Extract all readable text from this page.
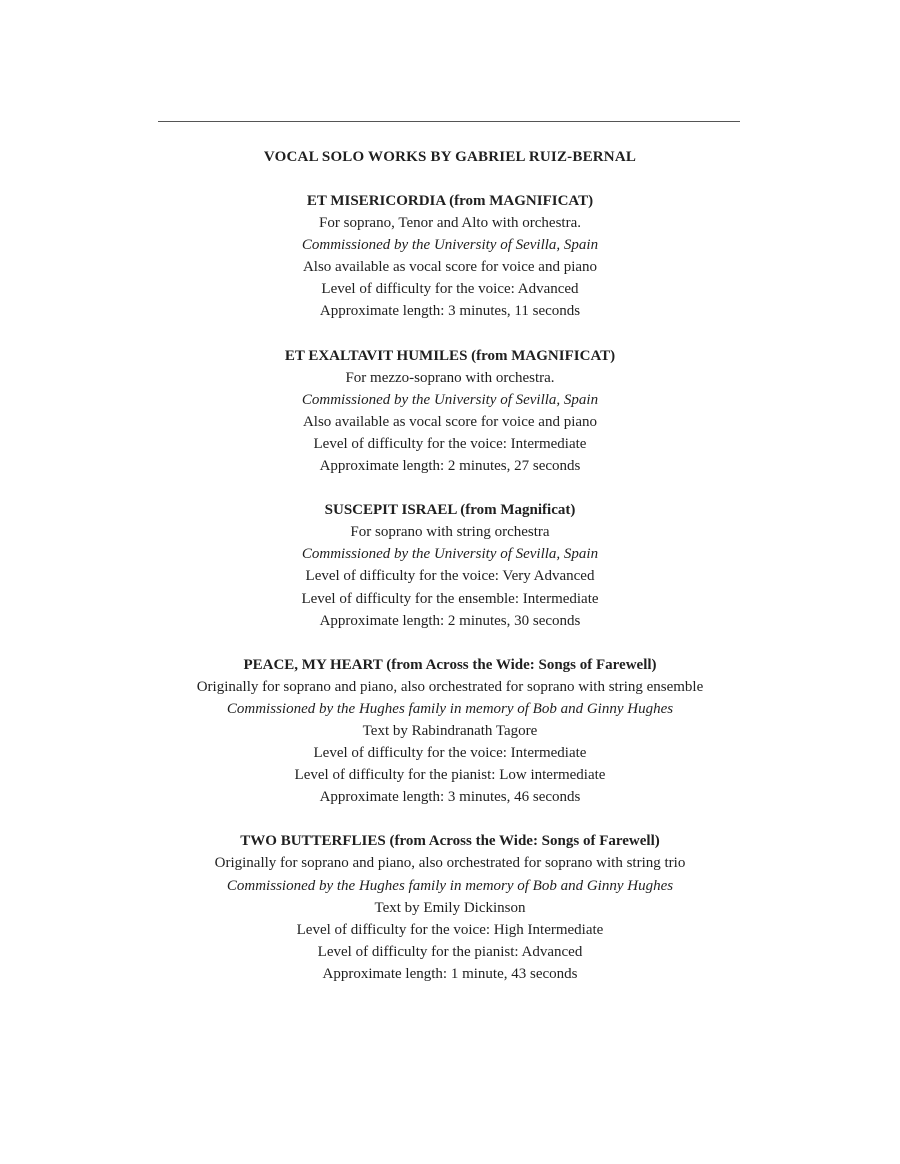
VOCAL SOLO WORKS BY GABRIEL RUIZ-BERNAL
ET MISERICORDIA (from MAGNIFICAT)
For soprano, Tenor and Alto with orchestra.
Commissioned by the University of Sevilla, Spain
Also available as vocal score for voice and piano
Level of difficulty for the voice: Advanced
Approximate length: 3 minutes, 11 seconds
ET EXALTAVIT HUMILES (from MAGNIFICAT)
For mezzo-soprano with orchestra.
Commissioned by the University of Sevilla, Spain
Also available as vocal score for voice and piano
Level of difficulty for the voice: Intermediate
Approximate length: 2 minutes, 27 seconds
SUSCEPIT ISRAEL (from Magnificat)
For soprano with string orchestra
Commissioned by the University of Sevilla, Spain
Level of difficulty for the voice: Very Advanced
Level of difficulty for the ensemble: Intermediate
Approximate length: 2 minutes, 30 seconds
PEACE, MY HEART (from Across the Wide: Songs of Farewell)
Originally for soprano and piano, also orchestrated for soprano with string ensemble
Commissioned by the Hughes family in memory of Bob and Ginny Hughes
Text by Rabindranath Tagore
Level of difficulty for the voice: Intermediate
Level of difficulty for the pianist: Low intermediate
Approximate length: 3 minutes, 46 seconds
TWO BUTTERFLIES (from Across the Wide: Songs of Farewell)
Originally for soprano and piano, also orchestrated for soprano with string trio
Commissioned by the Hughes family in memory of Bob and Ginny Hughes
Text by Emily Dickinson
Level of difficulty for the voice: High Intermediate
Level of difficulty for the pianist: Advanced
Approximate length: 1 minute, 43 seconds
